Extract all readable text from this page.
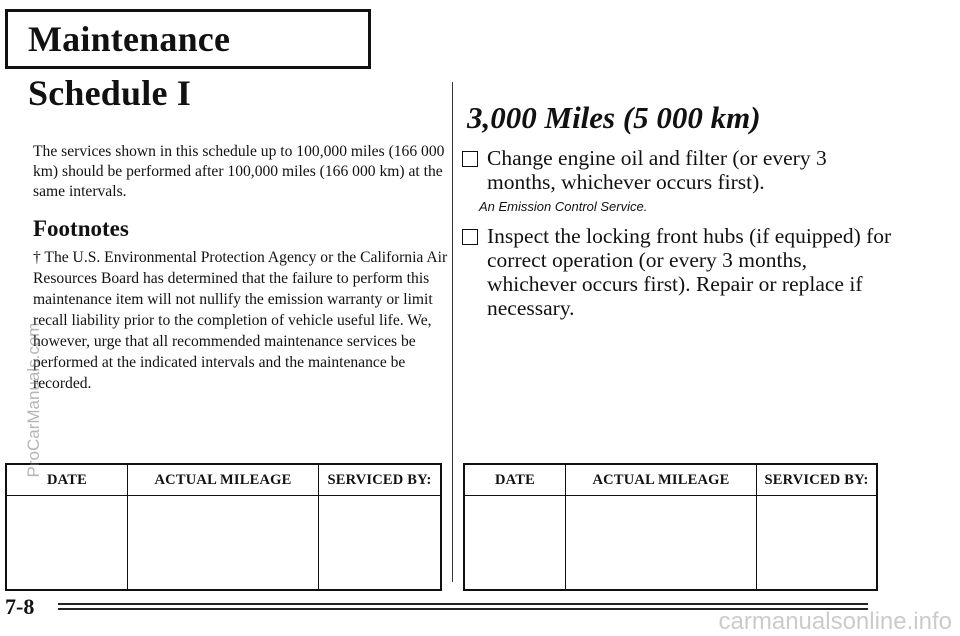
Maintenance Schedule I
The services shown in this schedule up to 100,000 miles (166 000 km) should be performed after 100,000 miles (166 000 km) at the same intervals.
Footnotes
† The U.S. Environmental Protection Agency or the California Air Resources Board has determined that the failure to perform this maintenance item will not nullify the emission warranty or limit recall liability prior to the completion of vehicle useful life. We, however, urge that all recommended maintenance services be performed at the indicated intervals and the maintenance be recorded.
3,000 Miles (5 000 km)
Change engine oil and filter (or every 3 months, whichever occurs first).
An Emission Control Service.
Inspect the locking front hubs (if equipped) for correct operation (or every 3 months, whichever occurs first). Repair or replace if necessary.
DATE	ACTUAL MILEAGE	SERVICED BY:
			DATE	ACTUAL MILEAGE	SERVICED BY:

7-8
ProCarManuals.com
carmanualsonline.info
